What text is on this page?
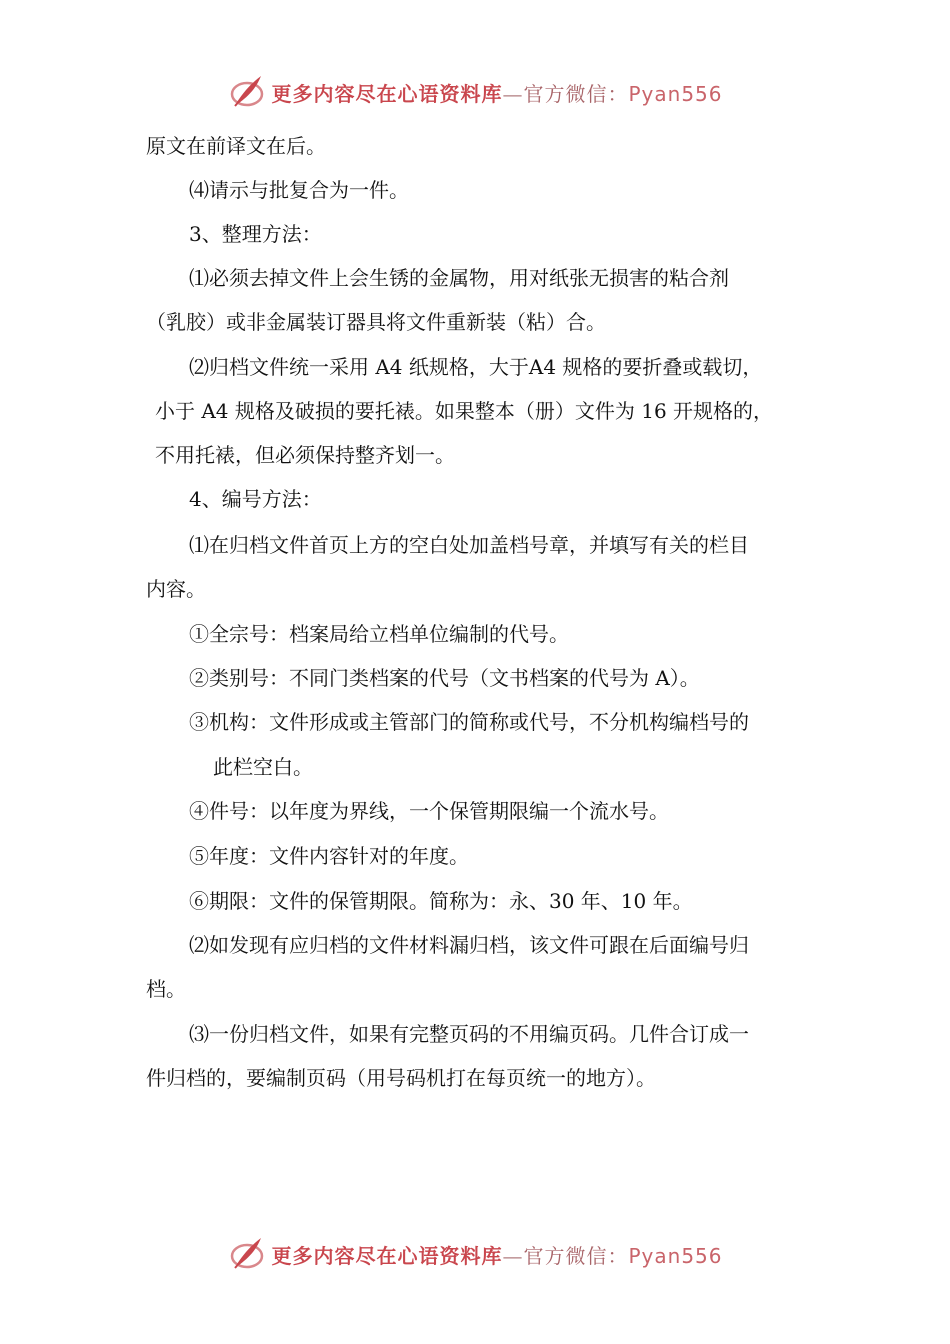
更多内容尽在心语资料库—官方微信：Pyan556
原文在前译文在后。
⑷请示与批复合为一件。
3、整理方法：
⑴必须去掉文件上会生锈的金属物，用对纸张无损害的粘合剂
（乳胶）或非金属装订器具将文件重新装（粘）合。
⑵归档文件统一采用 A4 纸规格，大于A4 规格的要折叠或载切，
小于 A4 规格及破损的要托裱。如果整本（册）文件为 16 开规格的，
不用托裱，但必须保持整齐划一。
4、编号方法：
⑴在归档文件首页上方的空白处加盖档号章，并填写有关的栏目
内容。
①全宗号：档案局给立档单位编制的代号。
②类别号：不同门类档案的代号（文书档案的代号为 A）。
③机构：文件形成或主管部门的简称或代号，不分机构编档号的
此栏空白。
④件号：以年度为界线，一个保管期限编一个流水号。
⑤年度：文件内容针对的年度。
⑥期限：文件的保管期限。简称为：永、30 年、10 年。
⑵如发现有应归档的文件材料漏归档，该文件可跟在后面编号归
档。
⑶一份归档文件，如果有完整页码的不用编页码。几件合订成一
件归档的，要编制页码（用号码机打在每页统一的地方）。
更多内容尽在心语资料库—官方微信：Pyan556
